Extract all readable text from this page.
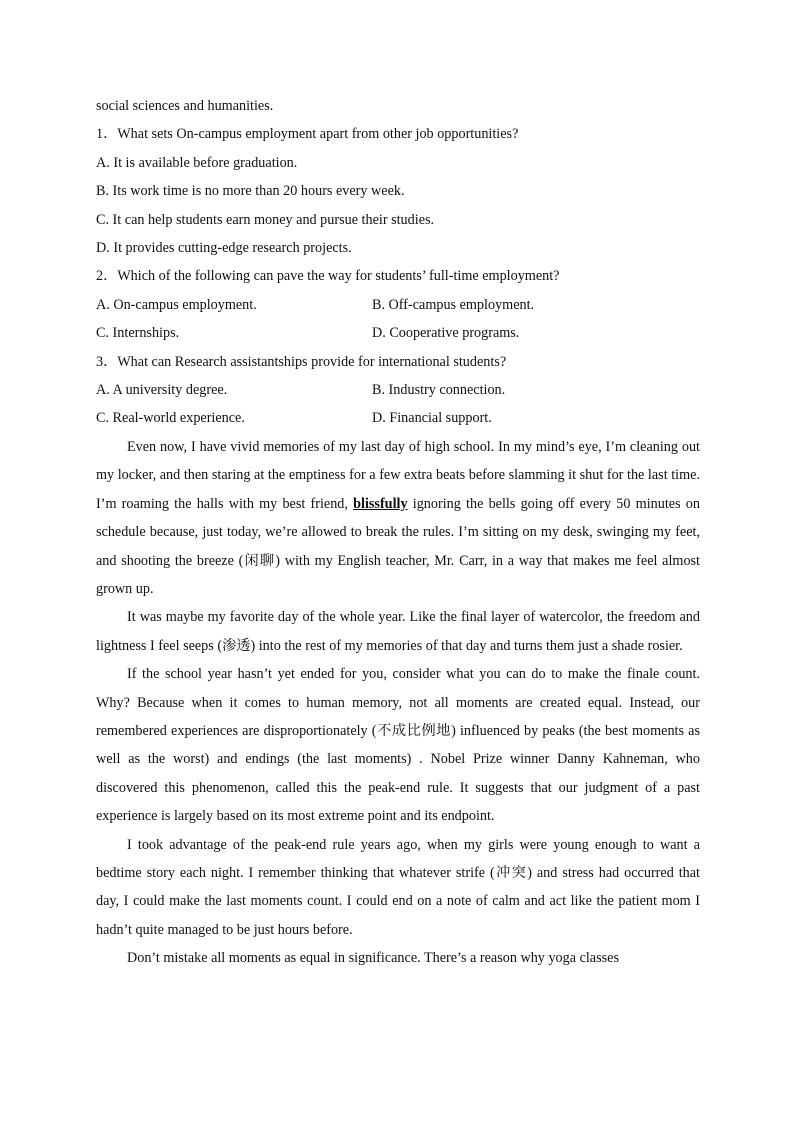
social sciences and humanities.

1．What sets On-campus employment apart from other job opportunities?

A. It is available before graduation.

B. Its work time is no more than 20 hours every week.

C. It can help students earn money and pursue their studies.

D. It provides cutting-edge research projects.

2．Which of the following can pave the way for students’ full-time employment?

A. On-campus employment.	B. Off-campus employment.
C. Internships.	D. Cooperative programs.

3．What can Research assistantships provide for international students?

A. A university degree.	B. Industry connection.
C. Real-world experience.	D. Financial support.

Even now, I have vivid memories of my last day of high school. In my mind’s eye, I’m cleaning out my locker, and then staring at the emptiness for a few extra beats before slamming it shut for the last time. I’m roaming the halls with my best friend, blissfully ignoring the bells going off every 50 minutes on schedule because, just today, we’re allowed to break the rules. I’m sitting on my desk, swinging my feet, and shooting the breeze (闲聊) with my English teacher, Mr. Carr, in a way that makes me feel almost grown up.

It was maybe my favorite day of the whole year. Like the final layer of watercolor, the freedom and lightness I feel seeps (渗透) into the rest of my memories of that day and turns them just a shade rosier.

If the school year hasn’t yet ended for you, consider what you can do to make the finale count. Why? Because when it comes to human memory, not all moments are created equal. Instead, our remembered experiences are disproportionately (不成比例地) influenced by peaks (the best moments as well as the worst) and endings (the last moments) . Nobel Prize winner Danny Kahneman, who discovered this phenomenon, called this the peak-end rule. It suggests that our judgment of a past experience is largely based on its most extreme point and its endpoint.

I took advantage of the peak-end rule years ago, when my girls were young enough to want a bedtime story each night. I remember thinking that whatever strife (冲突) and stress had occurred that day, I could make the last moments count. I could end on a note of calm and act like the patient mom I hadn’t quite managed to be just hours before.

Don’t mistake all moments as equal in significance. There’s a reason why yoga classes
